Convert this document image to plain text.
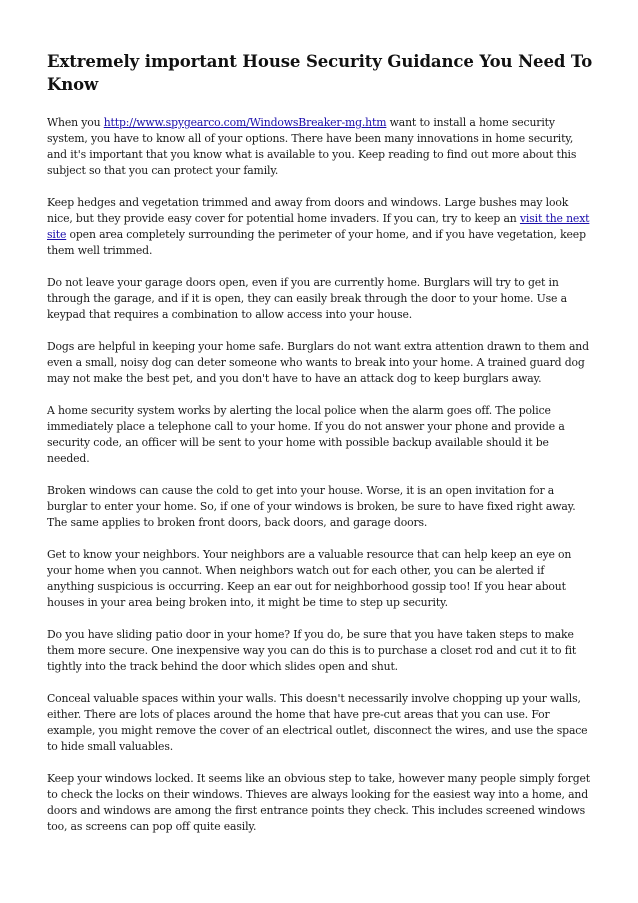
Extremely important House Security Guidance You Need To Know

When you http://www.spygearco.com/WindowsBreaker-mg.htm want to install a home security system, you have to know all of your options. There have been many innovations in home security, and it's important that you know what is available to you. Keep reading to find out more about this subject so that you can protect your family.

Keep hedges and vegetation trimmed and away from doors and windows. Large bushes may look nice, but they provide easy cover for potential home invaders. If you can, try to keep an visit the next site open area completely surrounding the perimeter of your home, and if you have vegetation, keep them well trimmed.

Do not leave your garage doors open, even if you are currently home. Burglars will try to get in through the garage, and if it is open, they can easily break through the door to your home. Use a keypad that requires a combination to allow access into your house.

Dogs are helpful in keeping your home safe. Burglars do not want extra attention drawn to them and even a small, noisy dog can deter someone who wants to break into your home. A trained guard dog may not make the best pet, and you don't have to have an attack dog to keep burglars away.

A home security system works by alerting the local police when the alarm goes off. The police immediately place a telephone call to your home. If you do not answer your phone and provide a security code, an officer will be sent to your home with possible backup available should it be needed.

Broken windows can cause the cold to get into your house. Worse, it is an open invitation for a burglar to enter your home. So, if one of your windows is broken, be sure to have fixed right away. The same applies to broken front doors, back doors, and garage doors.

Get to know your neighbors. Your neighbors are a valuable resource that can help keep an eye on your home when you cannot. When neighbors watch out for each other, you can be alerted if anything suspicious is occurring. Keep an ear out for neighborhood gossip too! If you hear about houses in your area being broken into, it might be time to step up security.

Do you have sliding patio door in your home? If you do, be sure that you have taken steps to make them more secure. One inexpensive way you can do this is to purchase a closet rod and cut it to fit tightly into the track behind the door which slides open and shut.

Conceal valuable spaces within your walls. This doesn't necessarily involve chopping up your walls, either. There are lots of places around the home that have pre-cut areas that you can use. For example, you might remove the cover of an electrical outlet, disconnect the wires, and use the space to hide small valuables.

Keep your windows locked. It seems like an obvious step to take, however many people simply forget to check the locks on their windows. Thieves are always looking for the easiest way into a home, and doors and windows are among the first entrance points they check. This includes screened windows too, as screens can pop off quite easily.
